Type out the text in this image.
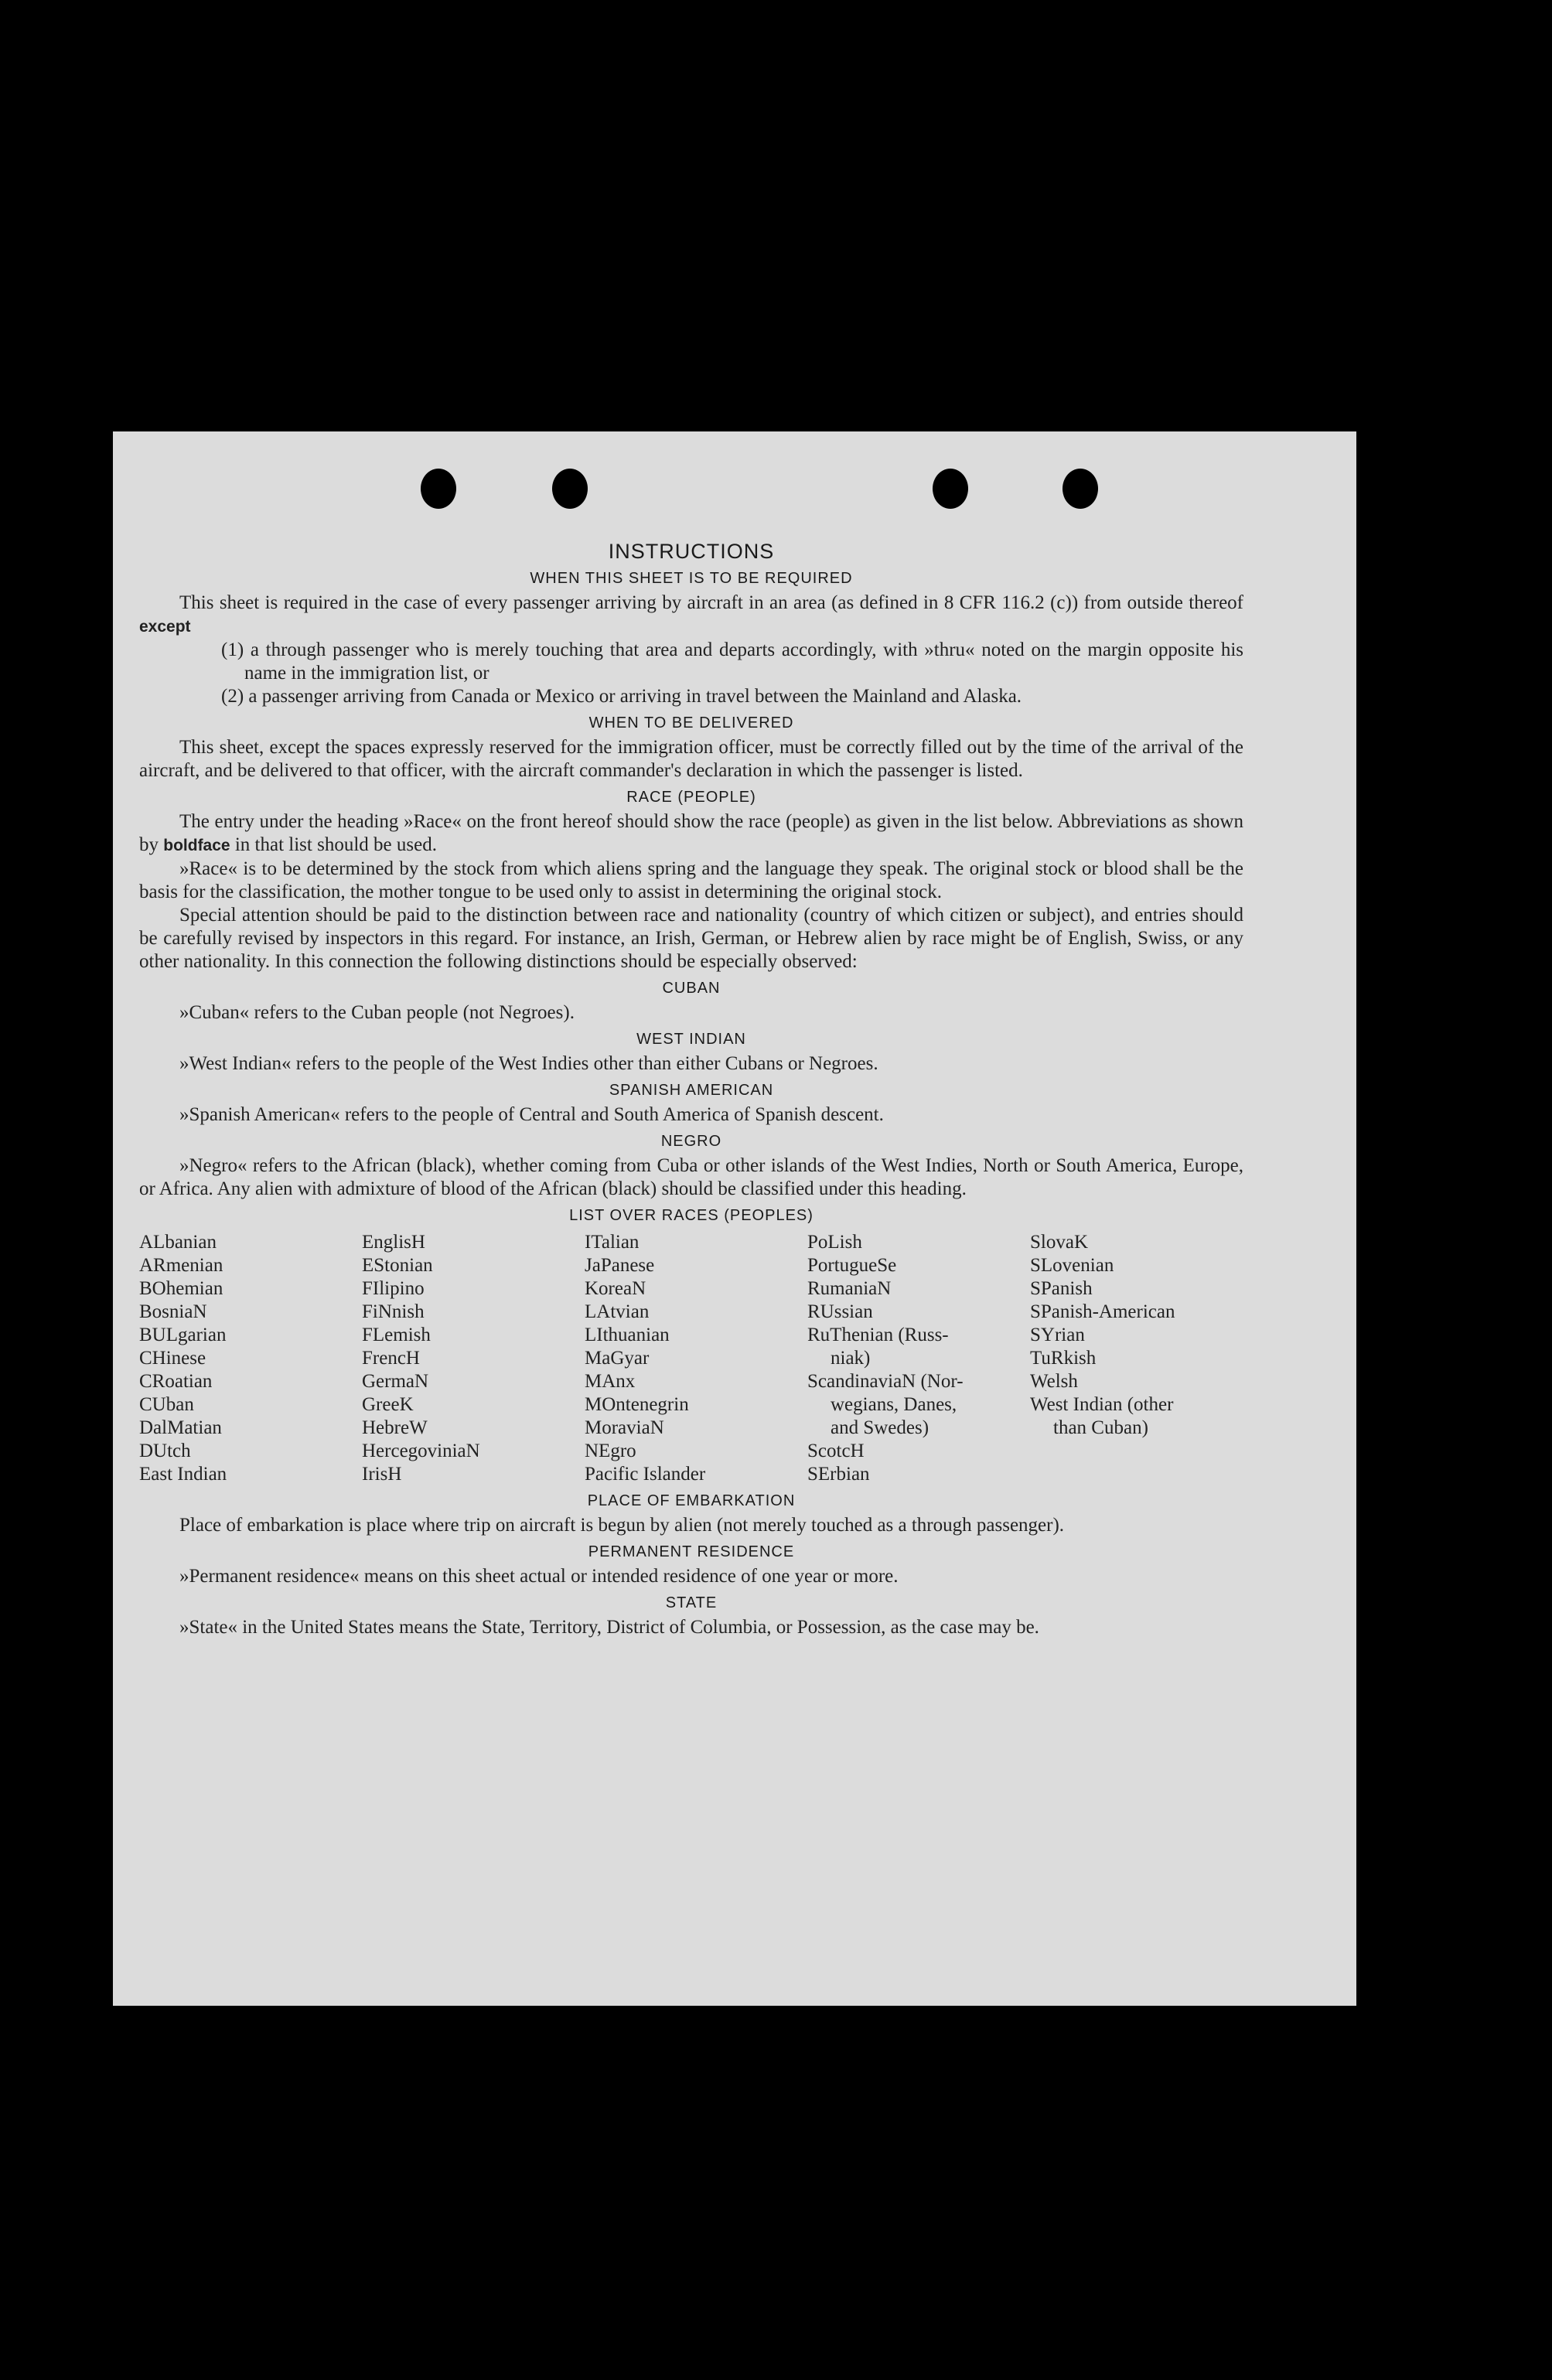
INSTRUCTIONS
WHEN THIS SHEET IS TO BE REQUIRED

This sheet is required in the case of every passenger arriving by aircraft in an area (as defined in 8 CFR 116.2 (c)) from outside thereof except

(1) a through passenger who is merely touching that area and departs accordingly, with »thru« noted on the margin opposite his name in the immigration list, or
(2) a passenger arriving from Canada or Mexico or arriving in travel between the Mainland and Alaska.
WHEN TO BE DELIVERED

This sheet, except the spaces expressly reserved for the immigration officer, must be correctly filled out by the time of the arrival of the aircraft, and be delivered to that officer, with the aircraft commander's declaration in which the passenger is listed.

RACE (PEOPLE)

The entry under the heading »Race« on the front hereof should show the race (people) as given in the list below. Abbreviations as shown by boldface in that list should be used.

»Race« is to be determined by the stock from which aliens spring and the language they speak. The original stock or blood shall be the basis for the classification, the mother tongue to be used only to assist in determining the original stock.

Special attention should be paid to the distinction between race and nationality (country of which citizen or subject), and entries should be carefully revised by inspectors in this regard. For instance, an Irish, German, or Hebrew alien by race might be of English, Swiss, or any other nationality. In this connection the following distinctions should be especially observed:

CUBAN

»Cuban« refers to the Cuban people (not Negroes).

WEST INDIAN

»West Indian« refers to the people of the West Indies other than either Cubans or Negroes.

SPANISH AMERICAN

»Spanish American« refers to the people of Central and South America of Spanish descent.

NEGRO

»Negro« refers to the African (black), whether coming from Cuba or other islands of the West Indies, North or South America, Europe, or Africa. Any alien with admixture of blood of the African (black) should be classified under this heading.

LIST OVER RACES (PEOPLES)
ALbanian
ARmenian
BOhemian
BosniaN
BULgarian
CHinese
CRoatian
CUban
DalMatian
DUtch
East Indian
EnglisH
EStonian
FIlipino
FiNnish
FLemish
FrencH
GermaN
GreeK
HebreW
HercegoviniaN
IrisH
ITalian
JaPanese
KoreaN
LAtvian
LIthuanian
MaGyar
MAnx
MOntenegrin
MoraviaN
NEgro
Pacific Islander
PoLish
PortugueSe
RumaniaN
RUssian
RuThenian (Russ-
niak)
ScandinaviaN (Nor-
wegians, Danes,
and Swedes)
ScotcH
SErbian
SlovaK
SLovenian
SPanish
SPanish-American
SYrian
TuRkish
Welsh
West Indian (other
than Cuban)
PLACE OF EMBARKATION

Place of embarkation is place where trip on aircraft is begun by alien (not merely touched as a through passenger).

PERMANENT RESIDENCE

»Permanent residence« means on this sheet actual or intended residence of one year or more.

STATE

»State« in the United States means the State, Territory, District of Columbia, or Possession, as the case may be.
